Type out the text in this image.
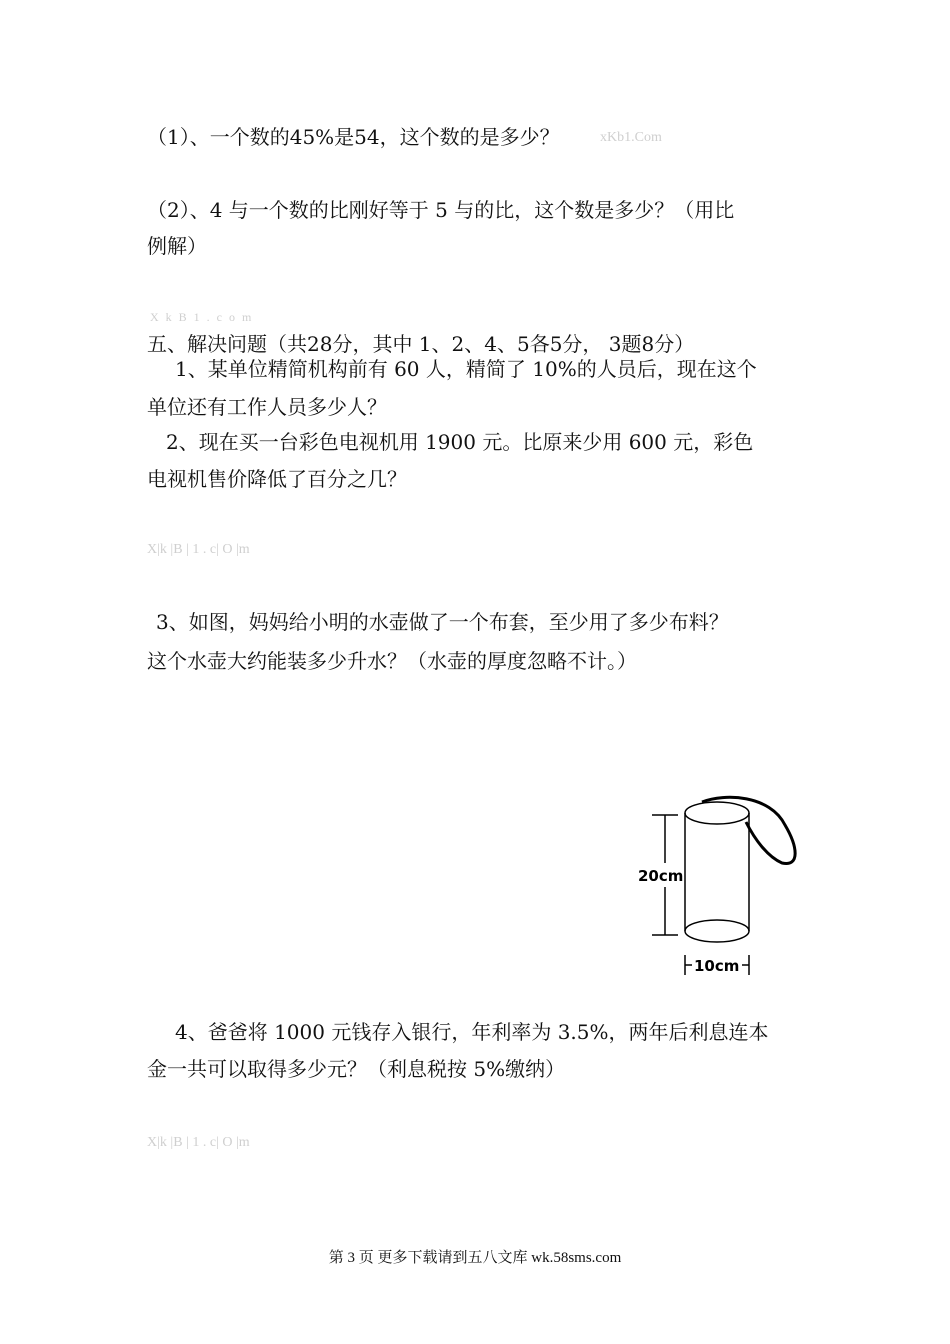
（1）、一个数的45%是54，这个数的是多少？	xKb1.Com
（2）、4 与一个数的比刚好等于 5 与的比，这个数是多少？（用比
例解）
X k B 1 . c o m
五、解决问题（共28分，其中 1、2、4、5各5分， 3题8分）
1、某单位精简机构前有 60 人，精简了 10%的人员后，现在这个
单位还有工作人员多少人？
2、现在买一台彩色电视机用 1900 元。比原来少用 600 元，彩色
电视机售价降低了百分之几？
X|k |B | 1 . c| O |m
3、如图，妈妈给小明的水壶做了一个布套，至少用了多少布料？
这个水壶大约能装多少升水？（水壶的厚度忽略不计。）
20cm
10cm
4、爸爸将 1000 元钱存入银行，年利率为 3.5%，两年后利息连本
金一共可以取得多少元？（利息税按 5%缴纳）
X|k |B | 1 . c| O |m
第 3 页 更多下载请到五八文库 wk.58sms.com
